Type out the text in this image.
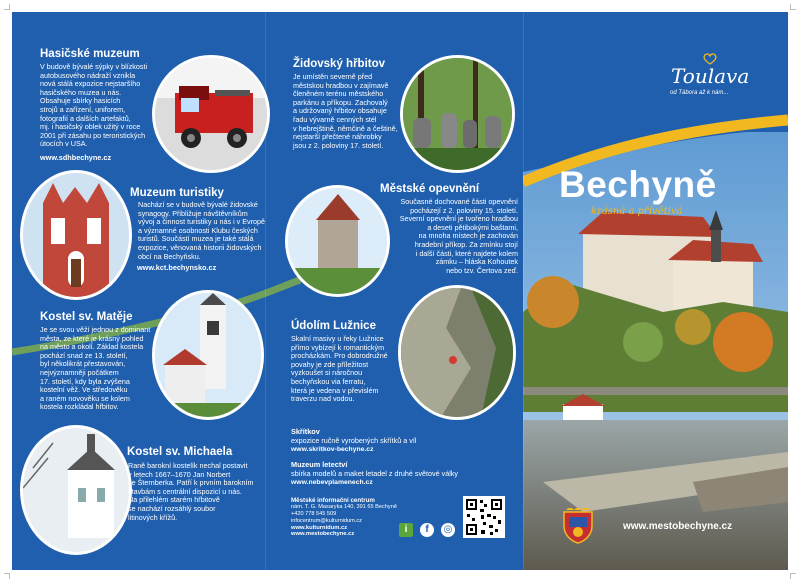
Hasičské muzeum
V budově bývalé sýpky v blízkosti
autobusového nádraží vznikla
nová stálá expozice nejstaršího
hasičského muzea u nás.
Obsahuje sbírky hasicích
strojů a zařízení, uniforem,
fotografií a dalších artefaktů,
mj. i hasičský oblek užitý v roce
2001 při zásahu po teroristických
útocích v USA.
www.sdhbechyne.cz
Muzeum turistiky
Nachází se v budově bývalé židovské
synagogy. Přibližuje návštěvníkům
vývoj a činnost turistiky u nás i v Evropě
a významné osobnosti Klubu českých
turistů. Součástí muzea je také stálá
expozice, věnovaná historii židovských
obcí na Bechyňsku.
www.kct.bechynsko.cz
Kostel sv. Matěje
Je se svou věží jednou z dominant
města, ze které je krásný pohled
na město a okolí. Základ kostela
pochází snad ze 13. století,
byl několikrát přestavován,
nejvýznamněji počátkem
17. století, kdy byla zvýšena
kostelní věž. Ve středověku
a raném novověku se kolem
kostela rozkládal hřbitov.
Kostel sv. Michaela
Raně barokní kostelík nechal postavit
v letech 1667–1670 Jan Norbert
ze Šternberka. Patří k prvním barokním
stavbám s centrální dispozicí u nás.
Na přilehlém starém hřbitově
se nachází rozsáhlý soubor
litinových křížů.
Židovský hřbitov
Je umístěn severně před
městskou hradbou v zajímavě
členěném terénu městského
parkánu a příkopu. Zachovalý
a udržovaný hřbitov obsahuje
řadu vývarně cenných stél
v hebrejštině, němčině a češtině,
nejstarší přečtené náhrobky
jsou z 2. poloviny 17. století.
Městské opevnění
Současné dochované části opevnění
pocházejí z 2. poloviny 15. století.
Severní opevnění je tvořeno hradbou
a deseti pětibokými baštami,
na mnoha místech je zachován
hradební příkop. Za zmínku stojí
i další části, které najdete kolem
zámku – hláska Kohoutek
nebo tzv. Čertova zeď.
Údolím Lužnice
Skalní masivy u řeky Lužnice
přímo vybízejí k romantickým
procházkám. Pro dobrodružné
povahy je zde příležitost
vyzkoušet si náročnou
bechyňskou via ferratu,
která je vedena v převislém
traverzu nad vodou.
Skřítkov
expozice ručně vyrobených skřítků a víl
www.skritkov-bechyne.cz
Muzeum letectví
sbírka modelů a maket letadel z druhé světové války
www.nebevplamenech.cz
Městské informační centrum
nám. T. G. Masaryka 140, 391 65 Bechyně
+420 778 545 509
infocentrum@kulturnidum.cz
www.kulturnidum.cz
www.mestobechyne.cz	i	f	◎
Toulava
od Tábora až k nám...
Bechyně
krásná a přívětivá
www.mestobechyne.cz
